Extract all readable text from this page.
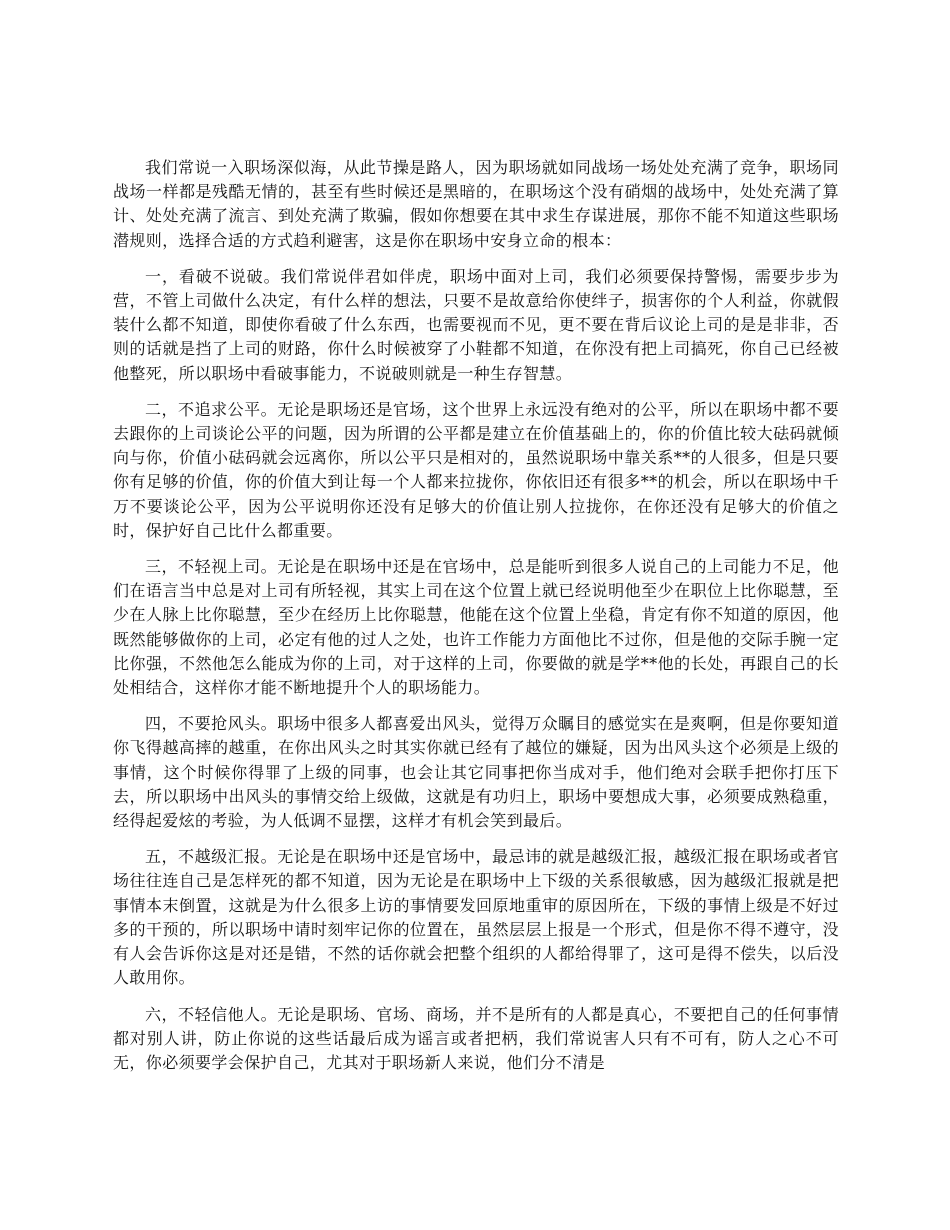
我们常说一入职场深似海，从此节操是路人，因为职场就如同战场一场处处充满了竞争，职场同战场一样都是残酷无情的，甚至有些时候还是黑暗的，在职场这个没有硝烟的战场中，处处充满了算计、处处充满了流言、到处充满了欺骗，假如你想要在其中求生存谋进展，那你不能不知道这些职场潜规则，选择合适的方式趋利避害，这是你在职场中安身立命的根本：

一，看破不说破。我们常说伴君如伴虎，职场中面对上司，我们必须要保持警惕，需要步步为营，不管上司做什么决定，有什么样的想法，只要不是故意给你使绊子，损害你的个人利益，你就假装什么都不知道，即使你看破了什么东西，也需要视而不见，更不要在背后议论上司的是是非非，否则的话就是挡了上司的财路，你什么时候被穿了小鞋都不知道，在你没有把上司搞死，你自己已经被他整死，所以职场中看破事能力，不说破则就是一种生存智慧。

二，不追求公平。无论是职场还是官场，这个世界上永远没有绝对的公平，所以在职场中都不要去跟你的上司谈论公平的问题，因为所谓的公平都是建立在价值基础上的，你的价值比较大砝码就倾向与你，价值小砝码就会远离你，所以公平只是相对的，虽然说职场中靠关系**的人很多，但是只要你有足够的价值，你的价值大到让每一个人都来拉拢你，你依旧还有很多**的机会，所以在职场中千万不要谈论公平，因为公平说明你还没有足够大的价值让别人拉拢你，在你还没有足够大的价值之时，保护好自己比什么都重要。

三，不轻视上司。无论是在职场中还是在官场中，总是能听到很多人说自己的上司能力不足，他们在语言当中总是对上司有所轻视，其实上司在这个位置上就已经说明他至少在职位上比你聪慧，至少在人脉上比你聪慧，至少在经历上比你聪慧，他能在这个位置上坐稳，肯定有你不知道的原因，他既然能够做你的上司，必定有他的过人之处，也许工作能力方面他比不过你，但是他的交际手腕一定比你强，不然他怎么能成为你的上司，对于这样的上司，你要做的就是学**他的长处，再跟自己的长处相结合，这样你才能不断地提升个人的职场能力。

四，不要抢风头。职场中很多人都喜爱出风头，觉得万众瞩目的感觉实在是爽啊，但是你要知道你飞得越高摔的越重，在你出风头之时其实你就已经有了越位的嫌疑，因为出风头这个必须是上级的事情，这个时候你得罪了上级的同事，也会让其它同事把你当成对手，他们绝对会联手把你打压下去，所以职场中出风头的事情交给上级做，这就是有功归上，职场中要想成大事，必须要成熟稳重，经得起爱炫的考验，为人低调不显摆，这样才有机会笑到最后。

五，不越级汇报。无论是在职场中还是官场中，最忌讳的就是越级汇报，越级汇报在职场或者官场往往连自己是怎样死的都不知道，因为无论是在职场中上下级的关系很敏感，因为越级汇报就是把事情本末倒置，这就是为什么很多上访的事情要发回原地重审的原因所在，下级的事情上级是不好过多的干预的，所以职场中请时刻牢记你的位置在，虽然层层上报是一个形式，但是你不得不遵守，没有人会告诉你这是对还是错，不然的话你就会把整个组织的人都给得罪了，这可是得不偿失，以后没人敢用你。

六，不轻信他人。无论是职场、官场、商场，并不是所有的人都是真心，不要把自己的任何事情都对别人讲，防止你说的这些话最后成为谣言或者把柄，我们常说害人只有不可有，防人之心不可无，你必须要学会保护自己，尤其对于职场新人来说，他们分不清是
